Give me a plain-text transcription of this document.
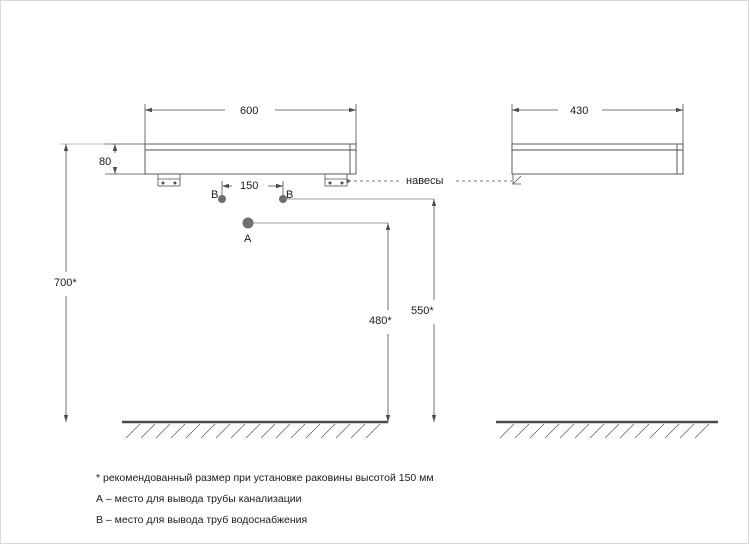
600
80
150
430
700*
550*
480*
навесы
В	В
А
* рекомендованный размер при установке раковины высотой 150 мм
А – место для вывода трубы канализации
В – место для вывода труб водоснабжения
